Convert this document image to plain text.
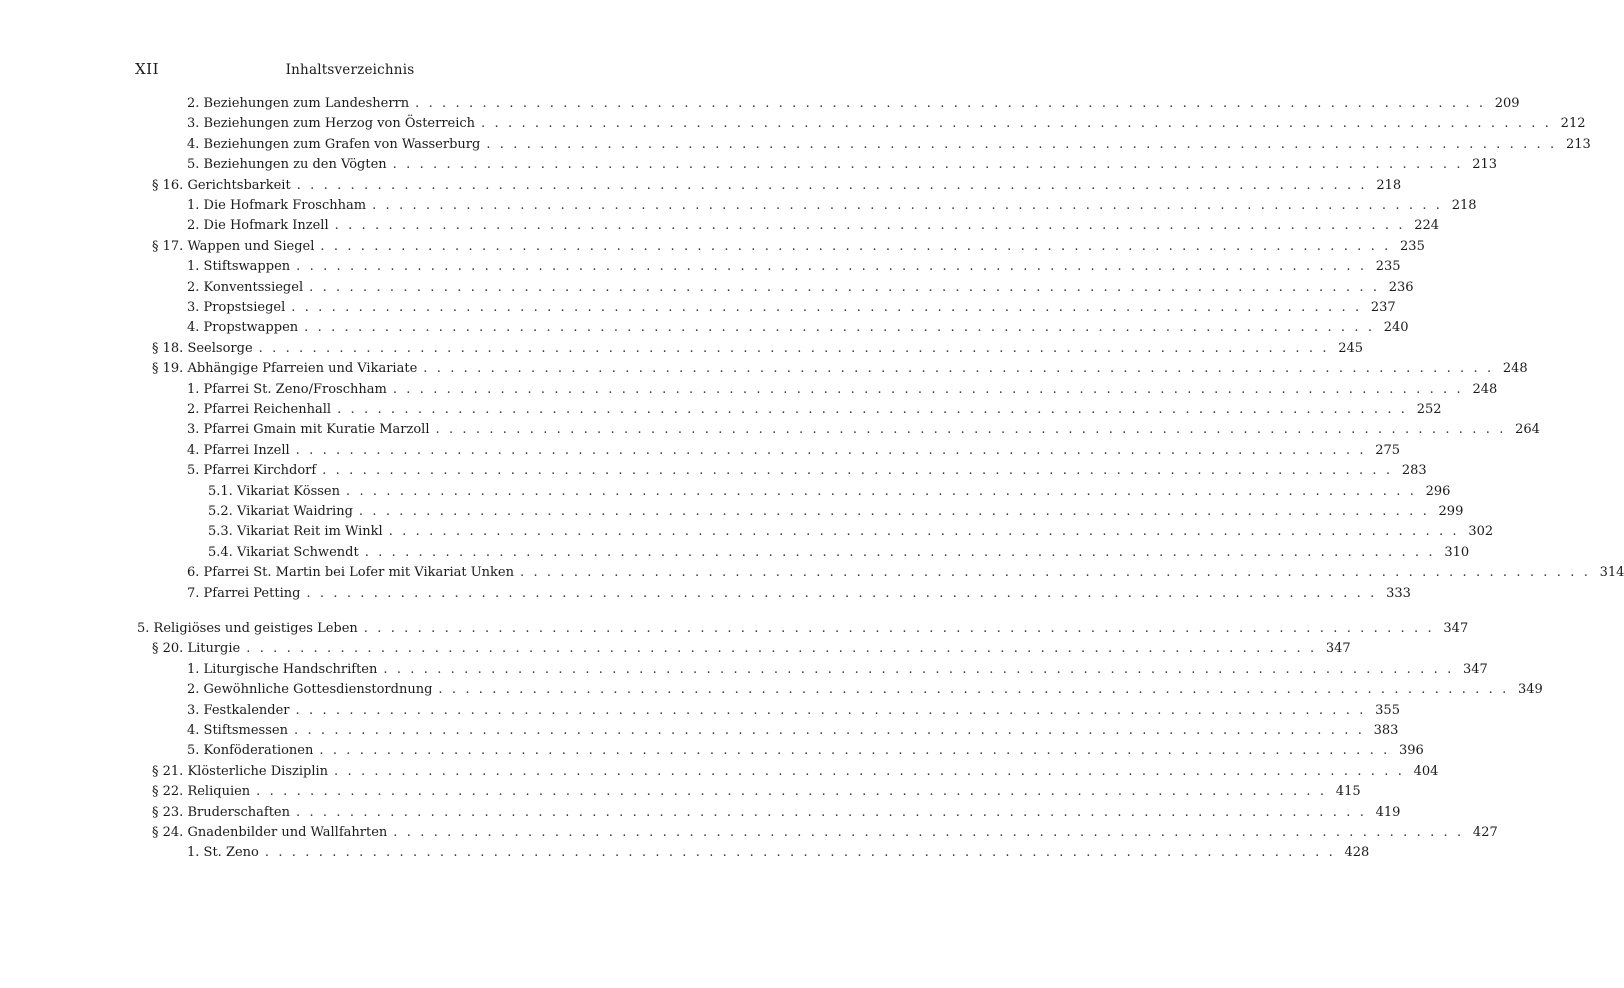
XII	Inhaltsverzeichnis
2. Beziehungen zum Landesherrn . . . . . . . . . . . . . . . . . . . . . . . . . . . . . . . . . . . . . . . . . . . . . . . . . . . . . . . . . . . . . . . . . . . . . . . . . . . . . . . . 209
3. Beziehungen zum Herzog von Österreich . . . . . . . . . . . . . . . . . . . . . . . . . . . . . . . . . . . . . . . . . . . . . . . . . . . . . . . . . . . . . . . . . . . . . . . . . . . . . . . . 212
4. Beziehungen zum Grafen von Wasserburg . . . . . . . . . . . . . . . . . . . . . . . . . . . . . . . . . . . . . . . . . . . . . . . . . . . . . . . . . . . . . . . . . . . . . . . . . . . . . . . . 213
5. Beziehungen zu den Vögten . . . . . . . . . . . . . . . . . . . . . . . . . . . . . . . . . . . . . . . . . . . . . . . . . . . . . . . . . . . . . . . . . . . . . . . . . . . . . . . . 213
§ 16. Gerichtsbarkeit . . . . . . . . . . . . . . . . . . . . . . . . . . . . . . . . . . . . . . . . . . . . . . . . . . . . . . . . . . . . . . . . . . . . . . . . . . . . . . . . 218
1. Die Hofmark Froschham . . . . . . . . . . . . . . . . . . . . . . . . . . . . . . . . . . . . . . . . . . . . . . . . . . . . . . . . . . . . . . . . . . . . . . . . . . . . . . . . 218
2. Die Hofmark Inzell . . . . . . . . . . . . . . . . . . . . . . . . . . . . . . . . . . . . . . . . . . . . . . . . . . . . . . . . . . . . . . . . . . . . . . . . . . . . . . . . 224
§ 17. Wappen und Siegel . . . . . . . . . . . . . . . . . . . . . . . . . . . . . . . . . . . . . . . . . . . . . . . . . . . . . . . . . . . . . . . . . . . . . . . . . . . . . . . . 235
1. Stiftswappen . . . . . . . . . . . . . . . . . . . . . . . . . . . . . . . . . . . . . . . . . . . . . . . . . . . . . . . . . . . . . . . . . . . . . . . . . . . . . . . . 235
2. Konventssiegel . . . . . . . . . . . . . . . . . . . . . . . . . . . . . . . . . . . . . . . . . . . . . . . . . . . . . . . . . . . . . . . . . . . . . . . . . . . . . . . . 236
3. Propstsiegel . . . . . . . . . . . . . . . . . . . . . . . . . . . . . . . . . . . . . . . . . . . . . . . . . . . . . . . . . . . . . . . . . . . . . . . . . . . . . . . . 237
4. Propstwappen . . . . . . . . . . . . . . . . . . . . . . . . . . . . . . . . . . . . . . . . . . . . . . . . . . . . . . . . . . . . . . . . . . . . . . . . . . . . . . . . 240
§ 18. Seelsorge . . . . . . . . . . . . . . . . . . . . . . . . . . . . . . . . . . . . . . . . . . . . . . . . . . . . . . . . . . . . . . . . . . . . . . . . . . . . . . . . 245
§ 19. Abhängige Pfarreien und Vikariate . . . . . . . . . . . . . . . . . . . . . . . . . . . . . . . . . . . . . . . . . . . . . . . . . . . . . . . . . . . . . . . . . . . . . . . . . . . . . . . . 248
1. Pfarrei St. Zeno/Froschham . . . . . . . . . . . . . . . . . . . . . . . . . . . . . . . . . . . . . . . . . . . . . . . . . . . . . . . . . . . . . . . . . . . . . . . . . . . . . . . . 248
2. Pfarrei Reichenhall . . . . . . . . . . . . . . . . . . . . . . . . . . . . . . . . . . . . . . . . . . . . . . . . . . . . . . . . . . . . . . . . . . . . . . . . . . . . . . . . 252
3. Pfarrei Gmain mit Kuratie Marzoll . . . . . . . . . . . . . . . . . . . . . . . . . . . . . . . . . . . . . . . . . . . . . . . . . . . . . . . . . . . . . . . . . . . . . . . . . . . . . . . . 264
4. Pfarrei Inzell . . . . . . . . . . . . . . . . . . . . . . . . . . . . . . . . . . . . . . . . . . . . . . . . . . . . . . . . . . . . . . . . . . . . . . . . . . . . . . . . 275
5. Pfarrei Kirchdorf . . . . . . . . . . . . . . . . . . . . . . . . . . . . . . . . . . . . . . . . . . . . . . . . . . . . . . . . . . . . . . . . . . . . . . . . . . . . . . . . 283
5.1. Vikariat Kössen . . . . . . . . . . . . . . . . . . . . . . . . . . . . . . . . . . . . . . . . . . . . . . . . . . . . . . . . . . . . . . . . . . . . . . . . . . . . . . . . 296
5.2. Vikariat Waidring . . . . . . . . . . . . . . . . . . . . . . . . . . . . . . . . . . . . . . . . . . . . . . . . . . . . . . . . . . . . . . . . . . . . . . . . . . . . . . . . 299
5.3. Vikariat Reit im Winkl . . . . . . . . . . . . . . . . . . . . . . . . . . . . . . . . . . . . . . . . . . . . . . . . . . . . . . . . . . . . . . . . . . . . . . . . . . . . . . . . 302
5.4. Vikariat Schwendt . . . . . . . . . . . . . . . . . . . . . . . . . . . . . . . . . . . . . . . . . . . . . . . . . . . . . . . . . . . . . . . . . . . . . . . . . . . . . . . . 310
6. Pfarrei St. Martin bei Lofer mit Vikariat Unken . . . . . . . . . . . . . . . . . . . . . . . . . . . . . . . . . . . . . . . . . . . . . . . . . . . . . . . . . . . . . . . . . . . . . . . . . . . . . . . . 314
7. Pfarrei Petting . . . . . . . . . . . . . . . . . . . . . . . . . . . . . . . . . . . . . . . . . . . . . . . . . . . . . . . . . . . . . . . . . . . . . . . . . . . . . . . . 333
5. Religiöses und geistiges Leben . . . . . . . . . . . . . . . . . . . . . . . . . . . . . . . . . . . . . . . . . . . . . . . . . . . . . . . . . . . . . . . . . . . . . . . . . . . . . . . . 347
§ 20. Liturgie . . . . . . . . . . . . . . . . . . . . . . . . . . . . . . . . . . . . . . . . . . . . . . . . . . . . . . . . . . . . . . . . . . . . . . . . . . . . . . . . 347
1. Liturgische Handschriften . . . . . . . . . . . . . . . . . . . . . . . . . . . . . . . . . . . . . . . . . . . . . . . . . . . . . . . . . . . . . . . . . . . . . . . . . . . . . . . . 347
2. Gewöhnliche Gottesdienstordnung . . . . . . . . . . . . . . . . . . . . . . . . . . . . . . . . . . . . . . . . . . . . . . . . . . . . . . . . . . . . . . . . . . . . . . . . . . . . . . . . 349
3. Festkalender . . . . . . . . . . . . . . . . . . . . . . . . . . . . . . . . . . . . . . . . . . . . . . . . . . . . . . . . . . . . . . . . . . . . . . . . . . . . . . . . 355
4. Stiftsmessen . . . . . . . . . . . . . . . . . . . . . . . . . . . . . . . . . . . . . . . . . . . . . . . . . . . . . . . . . . . . . . . . . . . . . . . . . . . . . . . . 383
5. Konföderationen . . . . . . . . . . . . . . . . . . . . . . . . . . . . . . . . . . . . . . . . . . . . . . . . . . . . . . . . . . . . . . . . . . . . . . . . . . . . . . . . 396
§ 21. Klösterliche Disziplin . . . . . . . . . . . . . . . . . . . . . . . . . . . . . . . . . . . . . . . . . . . . . . . . . . . . . . . . . . . . . . . . . . . . . . . . . . . . . . . . 404
§ 22. Reliquien . . . . . . . . . . . . . . . . . . . . . . . . . . . . . . . . . . . . . . . . . . . . . . . . . . . . . . . . . . . . . . . . . . . . . . . . . . . . . . . . 415
§ 23. Bruderschaften . . . . . . . . . . . . . . . . . . . . . . . . . . . . . . . . . . . . . . . . . . . . . . . . . . . . . . . . . . . . . . . . . . . . . . . . . . . . . . . . 419
§ 24. Gnadenbilder und Wallfahrten . . . . . . . . . . . . . . . . . . . . . . . . . . . . . . . . . . . . . . . . . . . . . . . . . . . . . . . . . . . . . . . . . . . . . . . . . . . . . . . . 427
1. St. Zeno . . . . . . . . . . . . . . . . . . . . . . . . . . . . . . . . . . . . . . . . . . . . . . . . . . . . . . . . . . . . . . . . . . . . . . . . . . . . . . . . 428
